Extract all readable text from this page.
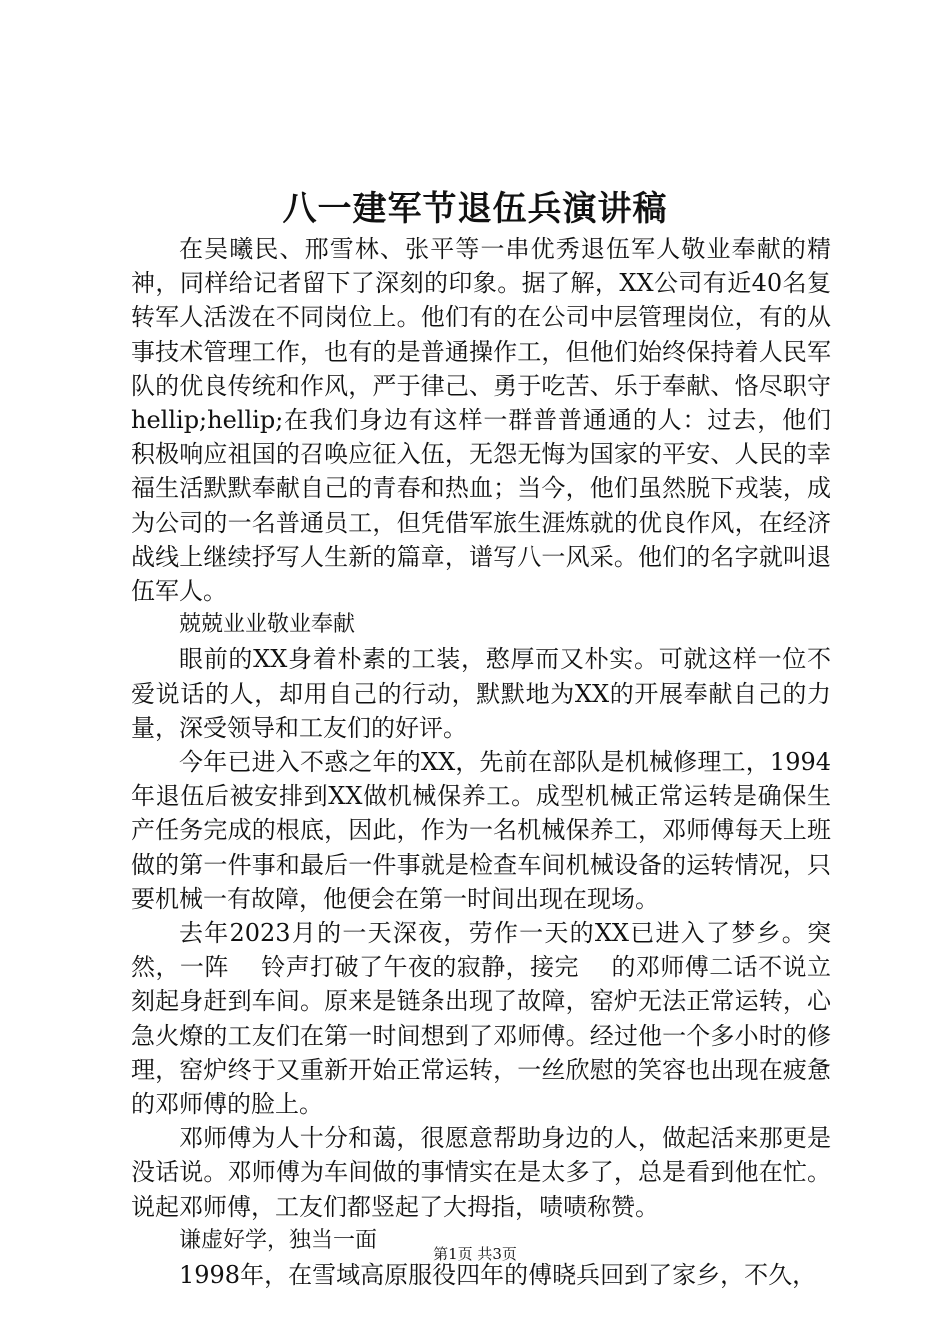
八一建军节退伍兵演讲稿

在吴曦民、邢雪林、张平等一串优秀退伍军人敬业奉献的精神，同样给记者留下了深刻的印象。据了解，XX公司有近40名复转军人活泼在不同岗位上。他们有的在公司中层管理岗位，有的从事技术管理工作，也有的是普通操作工，但他们始终保持着人民军队的优良传统和作风，严于律己、勇于吃苦、乐于奉献、恪尽职守hellip;hellip;在我们身边有这样一群普普通通的人：过去，他们积极响应祖国的召唤应征入伍，无怨无悔为国家的平安、人民的幸福生活默默奉献自己的青春和热血；当今，他们虽然脱下戎装，成为公司的一名普通员工，但凭借军旅生涯炼就的优良作风，在经济战线上继续抒写人生新的篇章，谱写八一风采。他们的名字就叫退伍军人。

兢兢业业敬业奉献

眼前的XX身着朴素的工装，憨厚而又朴实。可就这样一位不爱说话的人，却用自己的行动，默默地为XX的开展奉献自己的力量，深受领导和工友们的好评。

今年已进入不惑之年的XX，先前在部队是机械修理工，1994年退伍后被安排到XX做机械保养工。成型机械正常运转是确保生产任务完成的根底，因此，作为一名机械保养工，邓师傅每天上班做的第一件事和最后一件事就是检查车间机械设备的运转情况，只要机械一有故障，他便会在第一时间出现在现场。

去年2023月的一天深夜，劳作一天的XX已进入了梦乡。突然，一阵　 铃声打破了午夜的寂静，接完　 的邓师傅二话不说立刻起身赶到车间。原来是链条出现了故障，窑炉无法正常运转，心急火燎的工友们在第一时间想到了邓师傅。经过他一个多小时的修理，窑炉终于又重新开始正常运转，一丝欣慰的笑容也出现在疲惫的邓师傅的脸上。

邓师傅为人十分和蔼，很愿意帮助身边的人，做起活来那更是没话说。邓师傅为车间做的事情实在是太多了，总是看到他在忙。说起邓师傅，工友们都竖起了大拇指，啧啧称赞。

谦虚好学，独当一面

1998年，在雪域高原服役四年的傅晓兵回到了家乡，不久，

第1页 共3页
